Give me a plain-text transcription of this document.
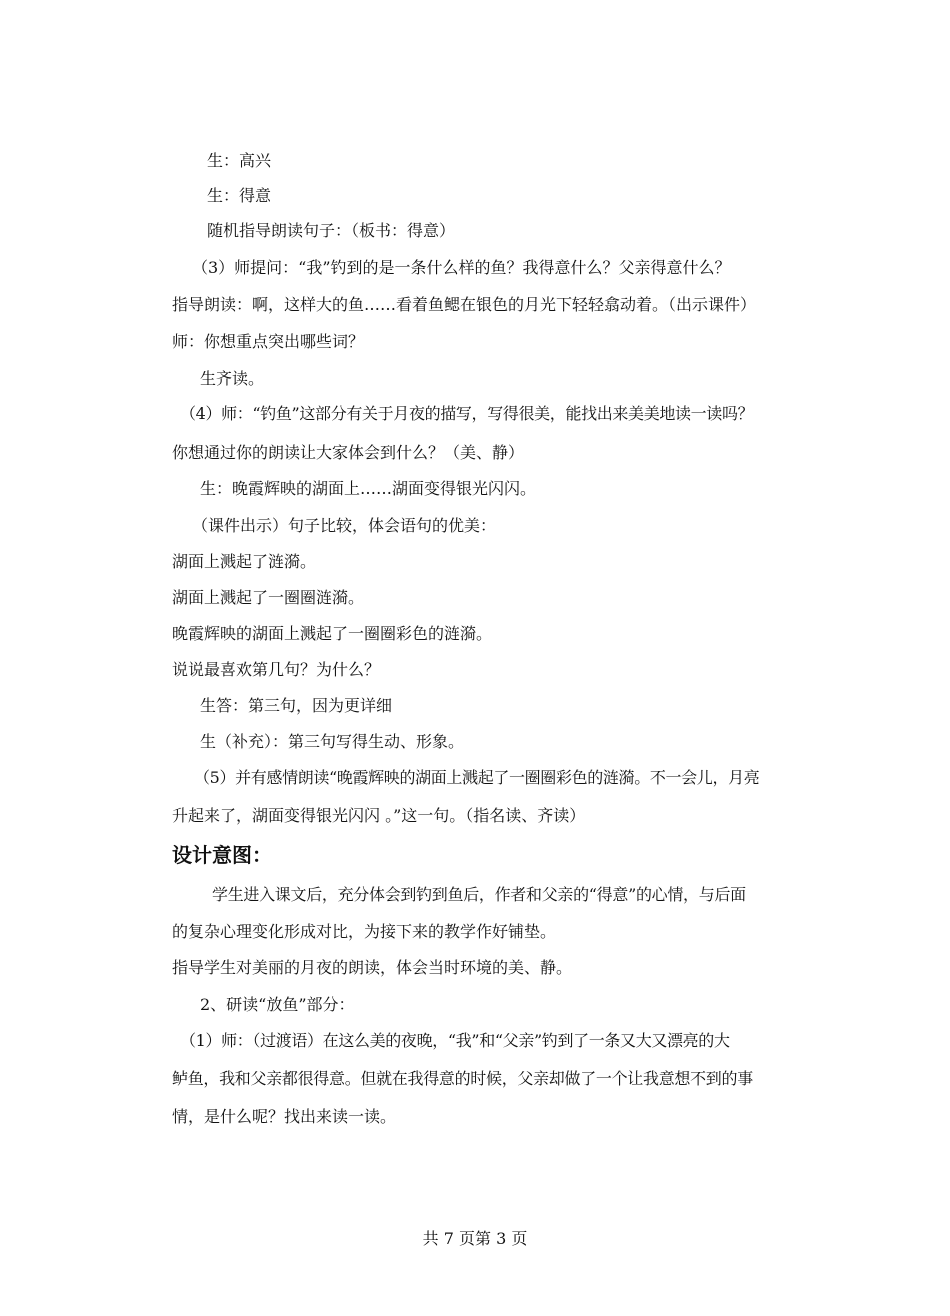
生：高兴
生：得意
随机指导朗读句子：（板书：得意）
（3）师提问：“我”钓到的是一条什么样的鱼？我得意什么？父亲得意什么？
指导朗读：啊，这样大的鱼……看着鱼鳃在银色的月光下轻轻翕动着。（出示课件）
师：你想重点突出哪些词？
生齐读。
（4）师：“钓鱼”这部分有关于月夜的描写，写得很美，能找出来美美地读一读吗？
你想通过你的朗读让大家体会到什么？（美、静）
生：晚霞辉映的湖面上……湖面变得银光闪闪。
（课件出示）句子比较，体会语句的优美：
湖面上溅起了涟漪。
湖面上溅起了一圈圈涟漪。
晚霞辉映的湖面上溅起了一圈圈彩色的涟漪。
说说最喜欢第几句？为什么？
生答：第三句，因为更详细
生（补充）：第三句写得生动、形象。
（5）并有感情朗读“晚霞辉映的湖面上溅起了一圈圈彩色的涟漪。不一会儿，月亮
升起来了，湖面变得银光闪闪 。”这一句。（指名读、齐读）
设计意图：
学生进入课文后，充分体会到钓到鱼后，作者和父亲的“得意”的心情，与后面
的复杂心理变化形成对比，为接下来的教学作好铺垫。
指导学生对美丽的月夜的朗读，体会当时环境的美、静。
2、研读“放鱼”部分：
（1）师：（过渡语）在这么美的夜晚，“我”和“父亲”钓到了一条又大又漂亮的大
鲈鱼，我和父亲都很得意。但就在我得意的时候，父亲却做了一个让我意想不到的事
情，是什么呢？找出来读一读。
共 7 页第 3 页
